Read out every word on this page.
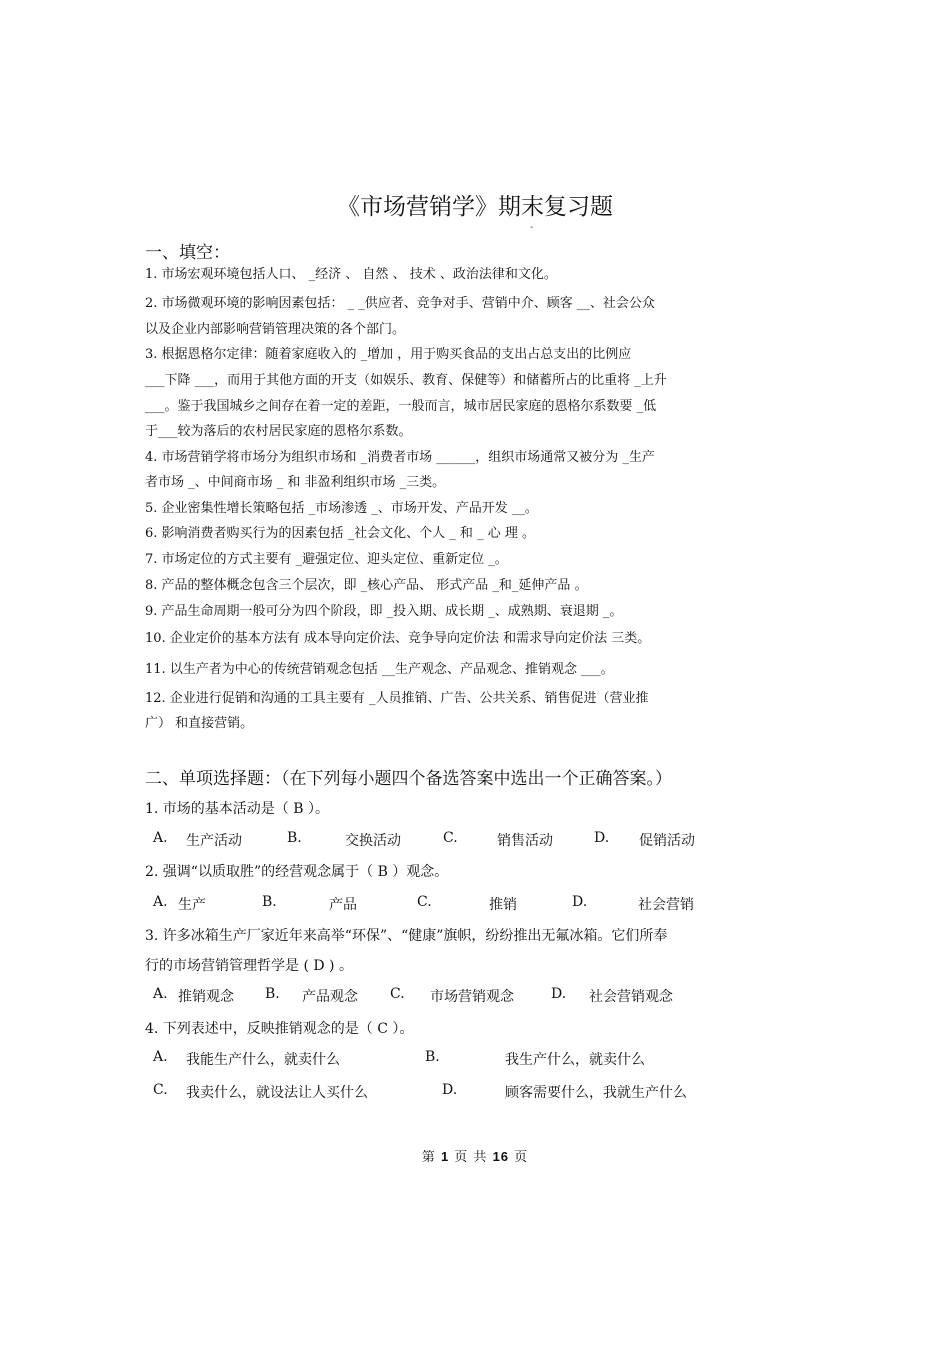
《市场营销学》期末复习题
-
一、填空：
1. 市场宏观环境包括人口、 _经济 、 自然 、 技术 、政治法律和文化。
2. 市场微观环境的影响因素包括： _ _供应者、竞争对手、营销中介、顾客 __、社会公众
以及企业内部影响营销管理决策的各个部门。
3. 根据恩格尔定律：随着家庭收入的 _增加 ，用于购买食品的支出占总支出的比例应
___下降 ___，而用于其他方面的开支（如娱乐、教育、保健等）和储蓄所占的比重将 _上升
___。鉴于我国城乡之间存在着一定的差距，一般而言，城市居民家庭的恩格尔系数要 _低
于___较为落后的农村居民家庭的恩格尔系数。
4. 市场营销学将市场分为组织市场和 _消费者市场 ______，组织市场通常又被分为 _生产
者市场 _、中间商市场 _ 和 非盈利组织市场 _三类。
5. 企业密集性增长策略包括 _市场渗透 _、市场开发、产品开发 __。
6. 影响消费者购买行为的因素包括 _社会文化、个人 _ 和 _ 心 理 。
7. 市场定位的方式主要有 _避强定位、迎头定位、重新定位 _。
8. 产品的整体概念包含三个层次，即 _核心产品、 形式产品 _和_延伸产品 。
9. 产品生命周期一般可分为四个阶段，即 _投入期、成长期 _、成熟期、衰退期 _。
10. 企业定价的基本方法有 成本导向定价法、竞争导向定价法 和需求导向定价法 三类。
11. 以生产者为中心的传统营销观念包括 __生产观念、产品观念、推销观念 ___。
12. 企业进行促销和沟通的工具主要有 _人员推销、广告、公共关系、销售促进（营业推
广） 和直接营销。
二、单项选择题：（在下列每小题四个备选答案中选出一个正确答案。）
1. 市场的基本活动是（ B ）。
A. 生产活动	B.	交换活动	C.	销售活动	D. 促销活动
2. 强调“以质取胜”的经营观念属于（ B ）观念。
A. 生产	B.	产品	C.	推销	D.	社会营销
3. 许多冰箱生产厂家近年来高举“环保”、“健康”旗帜，纷纷推出无氟冰箱。它们所奉
行的市场营销管理哲学是 ( D ) 。
A. 推销观念 B. 产品观念 C. 市场营销观念	D. 社会营销观念
4. 下列表述中，反映推销观念的是（ C ）。
A. 我能生产什么，就卖什么	B.	我生产什么，就卖什么
C. 我卖什么，就设法让人买什么	D.	顾客需要什么，我就生产什么
第 1 页 共 16 页
